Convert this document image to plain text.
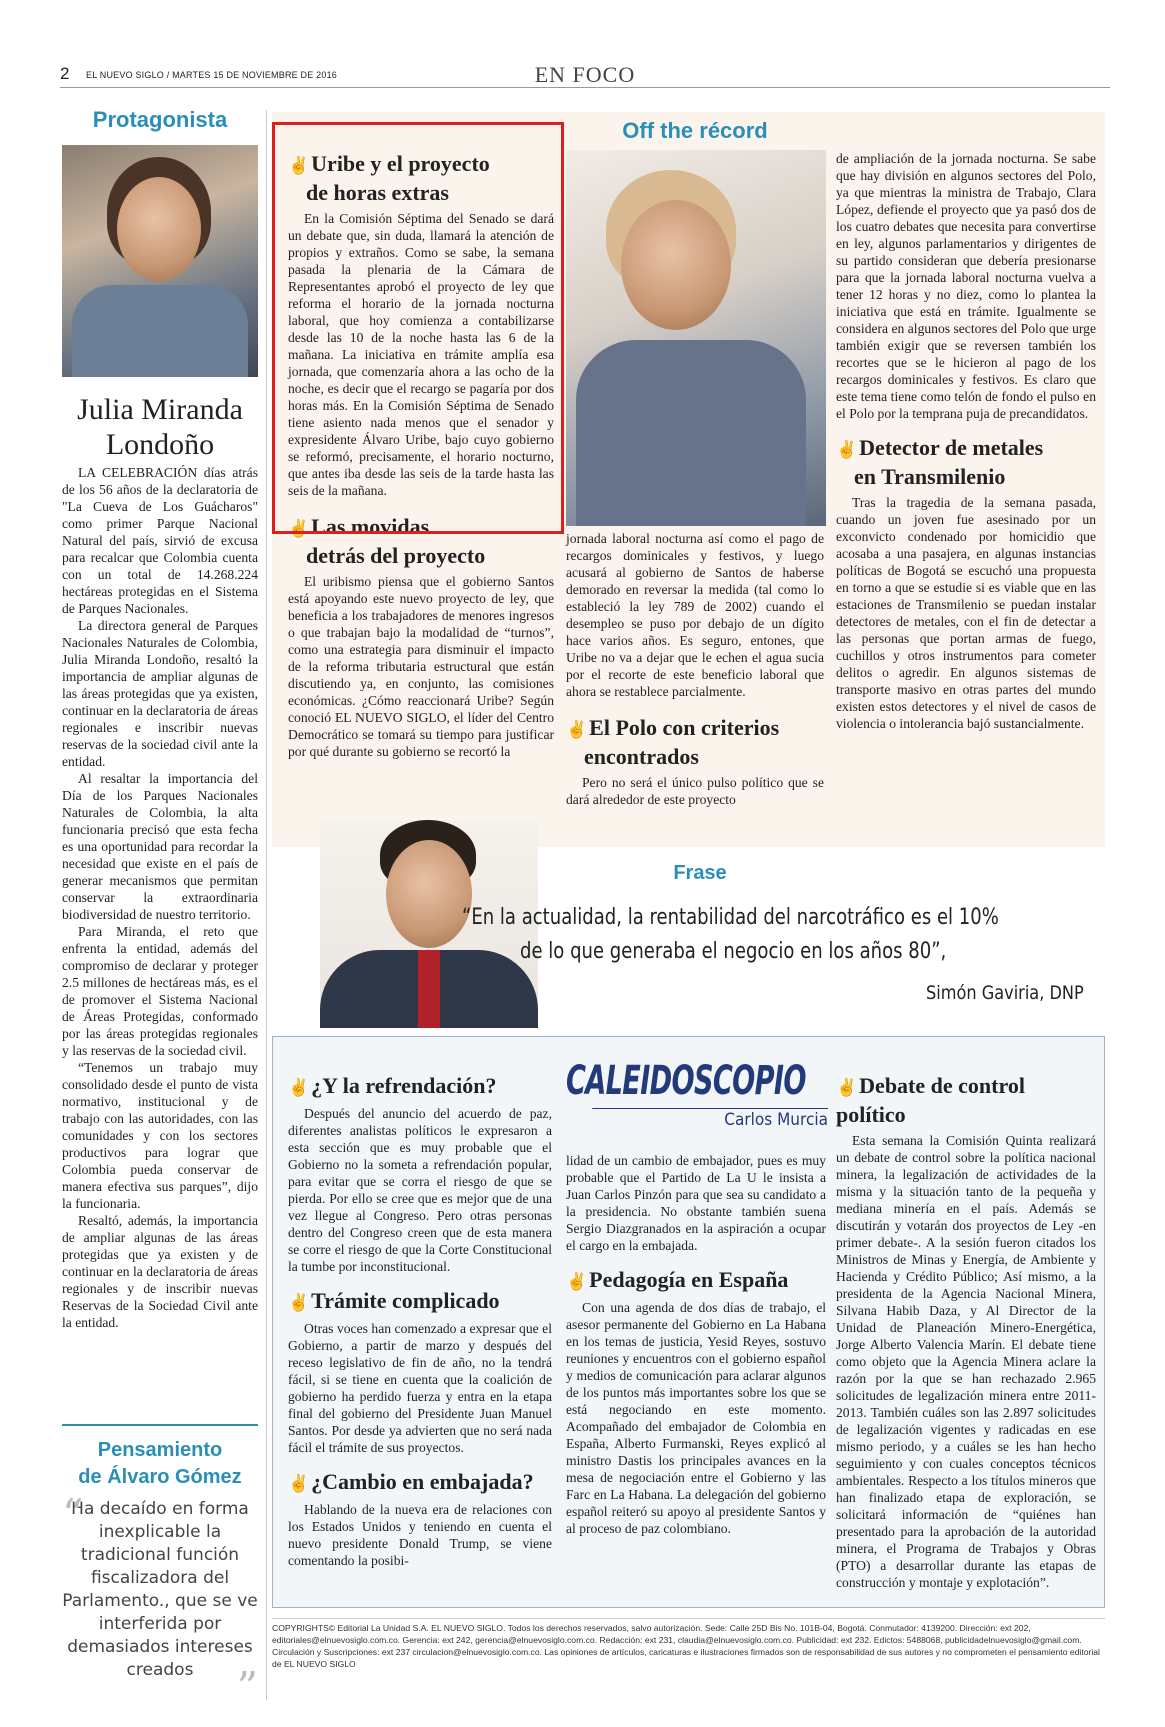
2 EL NUEVO SIGLO / MARTES 15 DE NOVIEMBRE DE 2016	EN FOCO
Protagonista
Julia Miranda
Londoño

LA CELEBRACIÓN días atrás de los 56 años de la declaratoria de "La Cueva de Los Guácharos" como primer Parque Nacional Natural del país, sirvió de excusa para recalcar que Colombia cuenta con un total de 14.268.224 hectáreas protegidas en el Sistema de Parques Nacionales.

La directora general de Parques Nacionales Naturales de Colombia, Julia Miranda Londoño, resaltó la importancia de ampliar algunas de las áreas protegidas que ya existen, continuar en la declaratoria de áreas regionales e inscribir nuevas reservas de la sociedad civil ante la entidad.

Al resaltar la importancia del Día de los Parques Nacionales Naturales de Colombia, la alta funcionaria precisó que esta fecha es una oportunidad para recordar la necesidad que existe en el país de generar mecanismos que permitan conservar la extraordinaria biodiversidad de nuestro territorio.

Para Miranda, el reto que enfrenta la entidad, además del compromiso de declarar y proteger 2.5 millones de hectáreas más, es el de promover el Sistema Nacional de Áreas Protegidas, conformado por las áreas protegidas regionales y las reservas de la sociedad civil.

“Tenemos un trabajo muy consolidado desde el punto de vista normativo, institucional y de trabajo con las autoridades, con las comunidades y con los sectores productivos para lograr que Colombia pueda conservar de manera efectiva sus parques”, dijo la funcionaria.

Resaltó, además, la importancia de ampliar algunas de las áreas protegidas que ya existen y de continuar en la declaratoria de áreas regionales y de inscribir nuevas Reservas de la Sociedad Civil ante la entidad.

Pensamiento
de Álvaro Gómez
“
Ha decaído en forma inexplicable la tradicional función fiscalizadora del Parlamento., que se ve interferida por demasiados intereses creados	”
Off the récord
✌Uribe y el proyecto
de horas extras

En la Comisión Séptima del Senado se dará un debate que, sin duda, llamará la atención de propios y extraños. Como se sabe, la semana pasada la plenaria de la Cámara de Representantes aprobó el proyecto de ley que reforma el horario de la jornada nocturna laboral, que hoy comienza a contabilizarse desde las 10 de la noche hasta las 6 de la mañana. La iniciativa en trámite amplía esa jornada, que comenzaría ahora a las ocho de la noche, es decir que el recargo se pagaría por dos horas más. En la Comisión Séptima de Senado tiene asiento nada menos que el senador y expresidente Álvaro Uribe, bajo cuyo gobierno se reformó, precisamente, el horario nocturno, que antes iba desde las seis de la tarde hasta las seis de la mañana.

✌Las movidas
detrás del proyecto

El uribismo piensa que el gobierno Santos está apoyando este nuevo proyecto de ley, que beneficia a los trabajadores de menores ingresos o que trabajan bajo la modalidad de “turnos”, como una estrategia para disminuir el impacto de la reforma tributaria estructural que están discutiendo ya, en conjunto, las comisiones económicas. ¿Cómo reaccionará Uribe? Según conoció EL NUEVO SIGLO, el líder del Centro Democrático se tomará su tiempo para justificar por qué durante su gobierno se recortó la

jornada laboral nocturna así como el pago de recargos dominicales y festivos, y luego acusará al gobierno de Santos de haberse demorado en reversar la medida (tal como lo estableció la ley 789 de 2002) cuando el desempleo se puso por debajo de un dígito hace varios años. Es seguro, entones, que Uribe no va a dejar que le echen el agua sucia por el recorte de este beneficio laboral que ahora se restablece parcialmente.

✌El Polo con criterios
encontrados

Pero no será el único pulso político que se dará alrededor de este proyecto

de ampliación de la jornada nocturna. Se sabe que hay división en algunos sectores del Polo, ya que mientras la ministra de Trabajo, Clara López, defiende el proyecto que ya pasó dos de los cuatro debates que necesita para convertirse en ley, algunos parlamentarios y dirigentes de su partido consideran que debería presionarse para que la jornada laboral nocturna vuelva a tener 12 horas y no diez, como lo plantea la iniciativa que está en trámite. Igualmente se considera en algunos sectores del Polo que urge también exigir que se reversen también los recortes que se le hicieron al pago de los recargos dominicales y festivos. Es claro que este tema tiene como telón de fondo el pulso en el Polo por la temprana puja de precandidatos.

✌Detector de metales
en Transmilenio

Tras la tragedia de la semana pasada, cuando un joven fue asesinado por un exconvicto condenado por homicidio que acosaba a una pasajera, en algunas instancias políticas de Bogotá se escuchó una propuesta en torno a que se estudie si es viable que en las estaciones de Transmilenio se puedan instalar detectores de metales, con el fin de detectar a las personas que portan armas de fuego, cuchillos y otros instrumentos para cometer delitos o agredir. En algunos sistemas de transporte masivo en otras partes del mundo existen estos detectores y el nivel de casos de violencia o intolerancia bajó sustancialmente.

Frase
“En la actualidad, la rentabilidad del narcotráfico es el 10%
de lo que generaba el negocio en los años 80”,
Simón Gaviria, DNP
✌¿Y la refrendación?

Después del anuncio del acuerdo de paz, diferentes analistas políticos le expresaron a esta sección que es muy probable que el Gobierno no la someta a refrendación popular, para evitar que se corra el riesgo de que se pierda. Por ello se cree que es mejor que de una vez llegue al Congreso. Pero otras personas dentro del Congreso creen que de esta manera se corre el riesgo de que la Corte Constitucional la tumbe por inconstitucional.

✌Trámite complicado

Otras voces han comenzado a expresar que el Gobierno, a partir de marzo y después del receso legislativo de fin de año, no la tendrá fácil, si se tiene en cuenta que la coalición de gobierno ha perdido fuerza y entra en la etapa final del gobierno del Presidente Juan Manuel Santos. Por desde ya advierten que no será nada fácil el trámite de sus proyectos.

✌¿Cambio en embajada?

Hablando de la nueva era de relaciones con los Estados Unidos y teniendo en cuenta el nuevo presidente Donald Trump, se viene comentando la posibi-

CALEIDOSCOPIO
Carlos Murcia

lidad de un cambio de embajador, pues es muy probable que el Partido de La U le insista a Juan Carlos Pinzón para que sea su candidato a la presidencia. No obstante también suena Sergio Diazgranados en la aspiración a ocupar el cargo en la embajada.

✌Pedagogía en España

Con una agenda de dos días de trabajo, el asesor permanente del Gobierno en La Habana en los temas de justicia, Yesid Reyes, sostuvo reuniones y encuentros con el gobierno español y medios de comunicación para aclarar algunos de los puntos más importantes sobre los que se está negociando en este momento. Acompañado del embajador de Colombia en España, Alberto Furmanski, Reyes explicó al ministro Dastis los principales avances en la mesa de negociación entre el Gobierno y las Farc en La Habana. La delegación del gobierno español reiteró su apoyo al presidente Santos y al proceso de paz colombiano.

✌Debate de control político

Esta semana la Comisión Quinta realizará un debate de control sobre la política nacional minera, la legalización de actividades de la misma y la situación tanto de la pequeña y mediana minería en el país. Además se discutirán y votarán dos proyectos de Ley -en primer debate-. A la sesión fueron citados los Ministros de Minas y Energía, de Ambiente y Hacienda y Crédito Público; Así mismo, a la presidenta de la Agencia Nacional Minera, Silvana Habib Daza, y Al Director de la Unidad de Planeación Minero-Energética, Jorge Alberto Valencia Marín. El debate tiene como objeto que la Agencia Minera aclare la razón por la que se han rechazado 2.965 solicitudes de legalización minera entre 2011- 2013. También cuáles son las 2.897 solicitudes de legalización vigentes y radicadas en ese mismo periodo, y a cuáles se les han hecho seguimiento y con cuales conceptos técnicos ambientales. Respecto a los títulos mineros que han finalizado etapa de exploración, se solicitará información de “quiénes han presentado para la aprobación de la autoridad minera, el Programa de Trabajos y Obras (PTO) a desarrollar durante las etapas de construcción y montaje y explotación”.

COPYRIGHTS© Editorial La Unidad S.A. EL NUEVO SIGLO. Todos los derechos reservados, salvo autorización. Sede: Calle 25D Bis No. 101B-04, Bogotá. Conmutador: 4139200. Dirección: ext 202, editoriales@elnuevosiglo.com.co. Gerencia: ext 242, gerencia@elnuevosiglo.com.co. Redacción: ext 231, claudia@elnuevosiglo.com.co. Publicidad: ext 232. Edictos: 5488068, publicidadelnuevosiglo@gmail.com. Circulación y Suscripciones: ext 237 circulacion@elnuevosiglo.com.co. Las opiniones de artículos, caricaturas e ilustraciones firmados son de responsabilidad de sus autores y no comprometen el pensamiento editorial de EL NUEVO SIGLO
